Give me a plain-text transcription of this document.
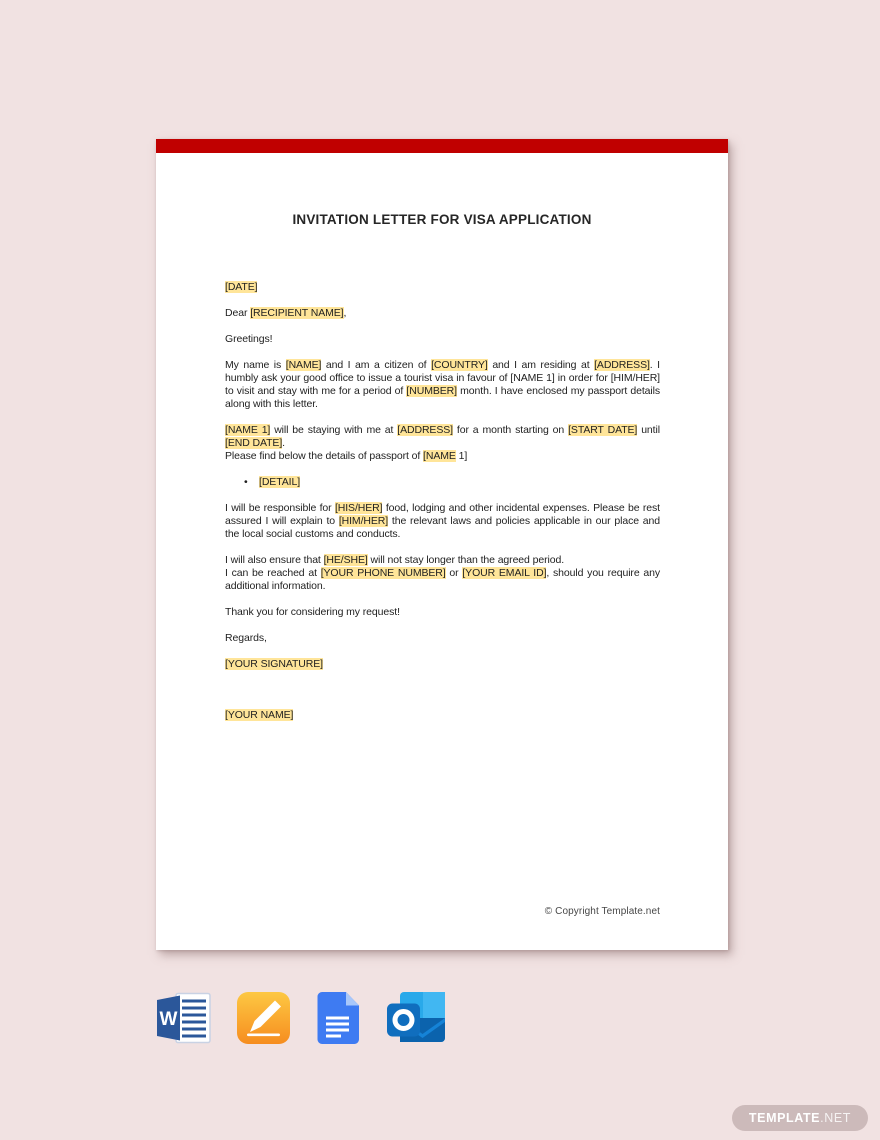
INVITATION LETTER FOR VISA APPLICATION

[DATE]

Dear [RECIPIENT NAME],

Greetings!

My name is [NAME] and I am a citizen of [COUNTRY] and I am residing at [ADDRESS]. I humbly ask your good office to issue a tourist visa in favour of [NAME 1] in order for [HIM/HER] to visit and stay with me for a period of [NUMBER] month. I have enclosed my passport details along with this letter.

[NAME 1] will be staying with me at [ADDRESS] for a month starting on [START DATE] until [END DATE].
Please find below the details of passport of [NAME 1]

• [DETAIL]

I will be responsible for [HIS/HER] food, lodging and other incidental expenses. Please be rest assured I will explain to [HIM/HER] the relevant laws and policies applicable in our place and the local social customs and conducts.

I will also ensure that [HE/SHE] will not stay longer than the agreed period.
I can be reached at [YOUR PHONE NUMBER] or [YOUR EMAIL ID], should you require any additional information.

Thank you for considering my request!

Regards,

[YOUR SIGNATURE]

[YOUR NAME]

© Copyright Template.net
W
TEMPLATE .NET
